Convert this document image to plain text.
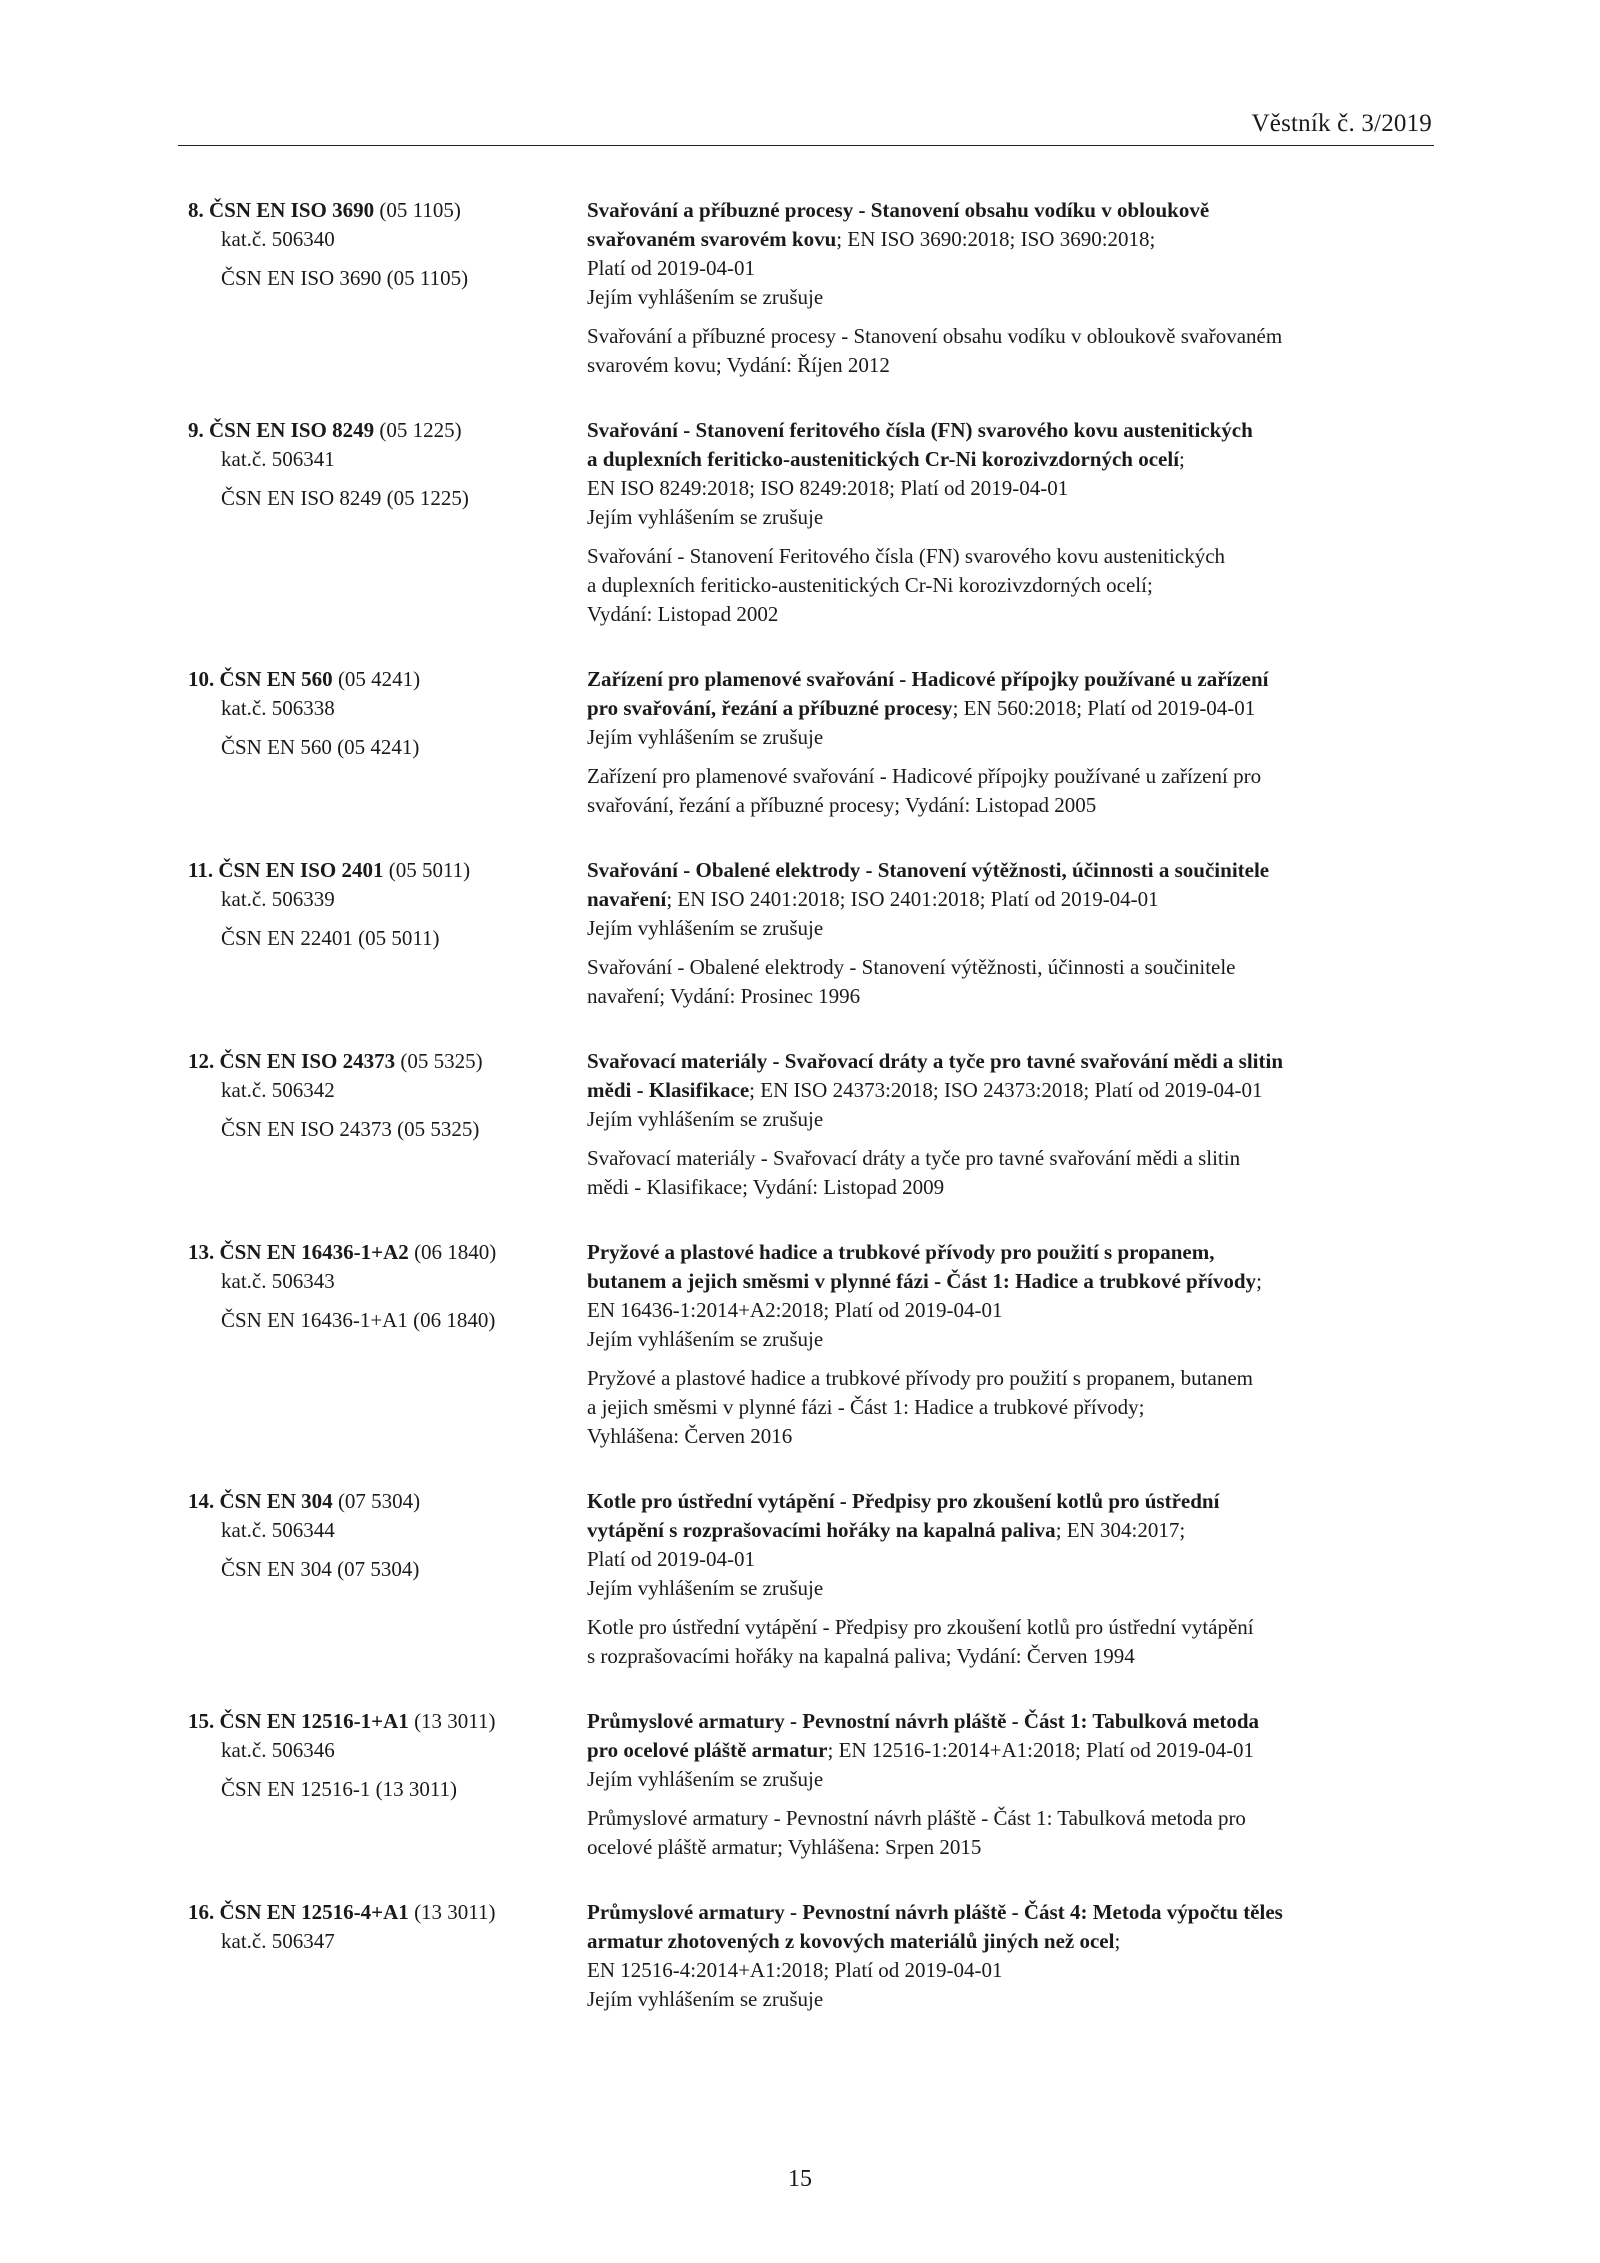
Věstník č. 3/2019
8. ČSN EN ISO 3690 (05 1105)
kat.č. 506340
ČSN EN ISO 3690 (05 1105)
Svařování a příbuzné procesy - Stanovení obsahu vodíku v obloukově
svařovaném svarovém kovu; EN ISO 3690:2018; ISO 3690:2018;
Platí od 2019-04-01
Jejím vyhlášením se zrušuje
Svařování a příbuzné procesy - Stanovení obsahu vodíku v obloukově svařovaném
svarovém kovu; Vydání: Říjen 2012
9. ČSN EN ISO 8249 (05 1225)
kat.č. 506341
ČSN EN ISO 8249 (05 1225)
Svařování - Stanovení feritového čísla (FN) svarového kovu austenitických
a duplexních feriticko-austenitických Cr-Ni korozivzdorných ocelí;
EN ISO 8249:2018; ISO 8249:2018; Platí od 2019-04-01
Jejím vyhlášením se zrušuje
Svařování - Stanovení Feritového čísla (FN) svarového kovu austenitických
a duplexních feriticko-austenitických Cr-Ni korozivzdorných ocelí;
Vydání: Listopad 2002
10. ČSN EN 560 (05 4241)
kat.č. 506338
ČSN EN 560 (05 4241)
Zařízení pro plamenové svařování - Hadicové přípojky používané u zařízení
pro svařování, řezání a příbuzné procesy; EN 560:2018; Platí od 2019-04-01
Jejím vyhlášením se zrušuje
Zařízení pro plamenové svařování - Hadicové přípojky používané u zařízení pro
svařování, řezání a příbuzné procesy; Vydání: Listopad 2005
11. ČSN EN ISO 2401 (05 5011)
kat.č. 506339
ČSN EN 22401 (05 5011)
Svařování - Obalené elektrody - Stanovení výtěžnosti, účinnosti a součinitele
navaření; EN ISO 2401:2018; ISO 2401:2018; Platí od 2019-04-01
Jejím vyhlášením se zrušuje
Svařování - Obalené elektrody - Stanovení výtěžnosti, účinnosti a součinitele
navaření; Vydání: Prosinec 1996
12. ČSN EN ISO 24373 (05 5325)
kat.č. 506342
ČSN EN ISO 24373 (05 5325)
Svařovací materiály - Svařovací dráty a tyče pro tavné svařování mědi a slitin
mědi - Klasifikace; EN ISO 24373:2018; ISO 24373:2018; Platí od 2019-04-01
Jejím vyhlášením se zrušuje
Svařovací materiály - Svařovací dráty a tyče pro tavné svařování mědi a slitin
mědi - Klasifikace; Vydání: Listopad 2009
13. ČSN EN 16436-1+A2 (06 1840)
kat.č. 506343
ČSN EN 16436-1+A1 (06 1840)
Pryžové a plastové hadice a trubkové přívody pro použití s propanem,
butanem a jejich směsmi v plynné fázi - Část 1: Hadice a trubkové přívody;
EN 16436-1:2014+A2:2018; Platí od 2019-04-01
Jejím vyhlášením se zrušuje
Pryžové a plastové hadice a trubkové přívody pro použití s propanem, butanem
a jejich směsmi v plynné fázi - Část 1: Hadice a trubkové přívody;
Vyhlášena: Červen 2016
14. ČSN EN 304 (07 5304)
kat.č. 506344
ČSN EN 304 (07 5304)
Kotle pro ústřední vytápění - Předpisy pro zkoušení kotlů pro ústřední
vytápění s rozprašovacími hořáky na kapalná paliva; EN 304:2017;
Platí od 2019-04-01
Jejím vyhlášením se zrušuje
Kotle pro ústřední vytápění - Předpisy pro zkoušení kotlů pro ústřední vytápění
s rozprašovacími hořáky na kapalná paliva; Vydání: Červen 1994
15. ČSN EN 12516-1+A1 (13 3011)
kat.č. 506346
ČSN EN 12516-1 (13 3011)
Průmyslové armatury - Pevnostní návrh pláště - Část 1: Tabulková metoda
pro ocelové pláště armatur; EN 12516-1:2014+A1:2018; Platí od 2019-04-01
Jejím vyhlášením se zrušuje
Průmyslové armatury - Pevnostní návrh pláště - Část 1: Tabulková metoda pro
ocelové pláště armatur; Vyhlášena: Srpen 2015
16. ČSN EN 12516-4+A1 (13 3011)
kat.č. 506347
Průmyslové armatury - Pevnostní návrh pláště - Část 4: Metoda výpočtu těles
armatur zhotovených z kovových materiálů jiných než ocel;
EN 12516-4:2014+A1:2018; Platí od 2019-04-01
Jejím vyhlášením se zrušuje
15
